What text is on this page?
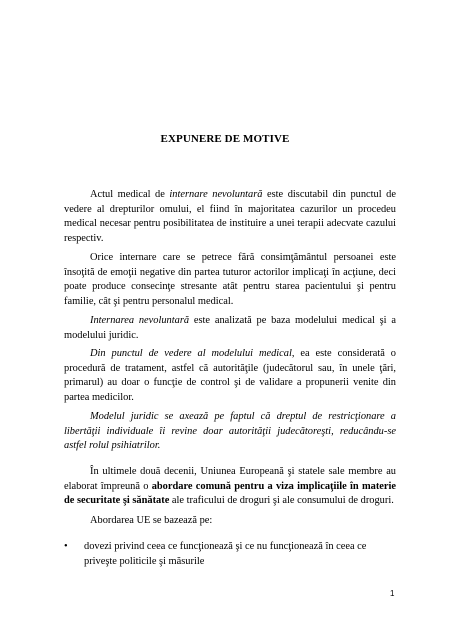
EXPUNERE DE MOTIVE

Actul medical de internare nevoluntară este discutabil din punctul de vedere al drepturilor omului, el fiind în majoritatea cazurilor un procedeu medical necesar pentru posibilitatea de instituire a unei terapii adecvate cazului respectiv.

Orice internare care se petrece fără consimţământul persoanei este însoţită de emoţii negative din partea tuturor actorilor implicaţi în acţiune, deci poate produce consecinţe stresante atât pentru starea pacientului şi pentru familie, cât şi pentru personalul medical.

Internarea nevoluntară este analizată pe baza modelului medical şi a modelului juridic.

Din punctul de vedere al modelului medical, ea este considerată o procedură de tratament, astfel că autorităţile (judecătorul sau, în unele ţări, primarul) au doar o funcţie de control şi de validare a propunerii venite din partea medicilor.

Modelul juridic se axează pe faptul că dreptul de restricţionare a libertăţii individuale îi revine doar autorităţii judecătoreşti, reducându-se astfel rolul psihiatrilor.

În ultimele două decenii, Uniunea Europeană şi statele sale membre au elaborat împreună o abordare comună pentru a viza implicaţiile în materie de securitate şi sănătate ale traficului de droguri şi ale consumului de droguri.

Abordarea UE se bazează pe:

• dovezi privind ceea ce funcţionează şi ce nu funcţionează în ceea ce priveşte politicile şi măsurile
1
